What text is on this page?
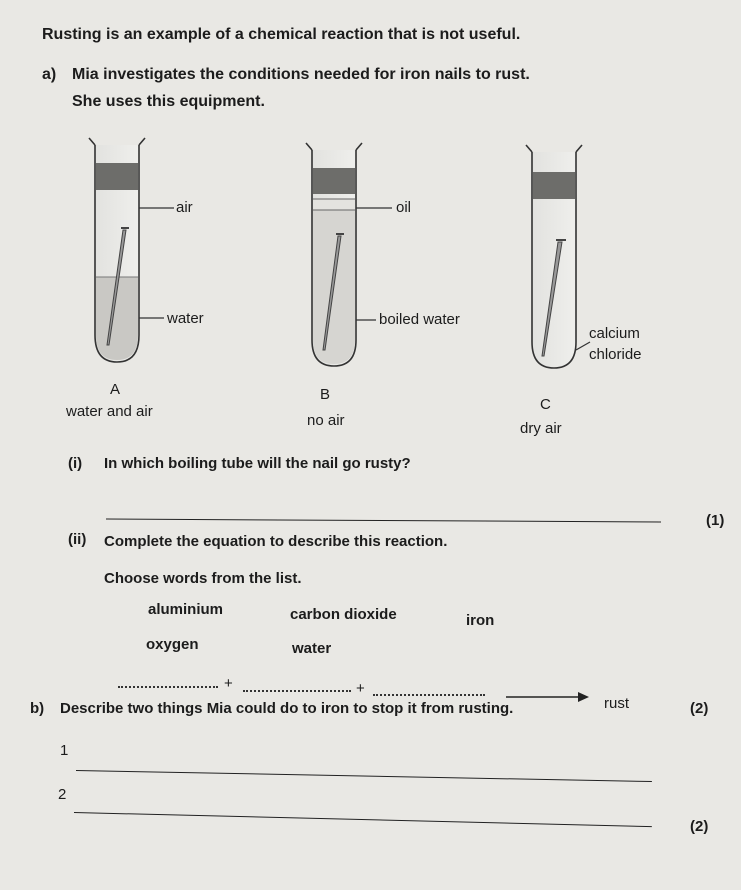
Rusting is an example of a chemical reaction that is not useful.
a) Mia investigates the conditions needed for iron nails to rust.
She uses this equipment.
air
water
A
water and air
oil
boiled water
B
no air
calcium
chloride
C
dry air
(i) In which boiling tube will the nail go rusty?
(1)
(ii) Complete the equation to describe this reaction.
Choose words from the list.
aluminium	carbon dioxide	iron
oxygen	water
+	+
rust	(2)
b) Describe two things Mia could do to iron to stop it from rusting.
1
2
(2)
